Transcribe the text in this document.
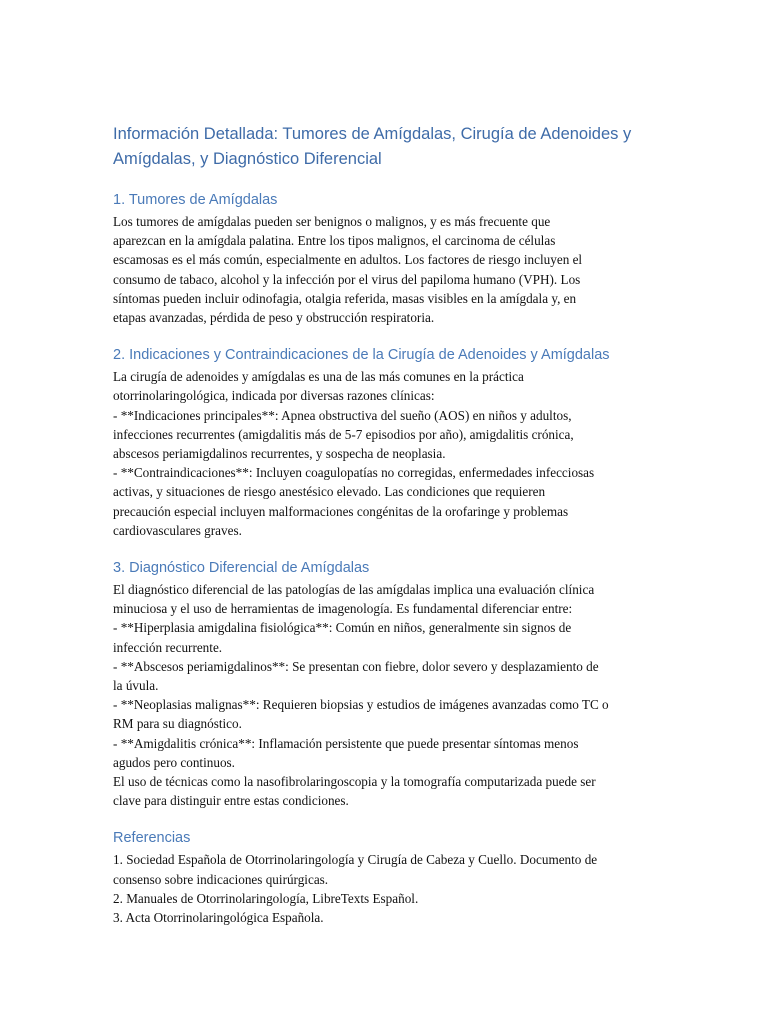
Información Detallada: Tumores de Amígdalas, Cirugía de Adenoides y
Amígdalas, y Diagnóstico Diferencial
1. Tumores de Amígdalas

Los tumores de amígdalas pueden ser benignos o malignos, y es más frecuente que
aparezcan en la amígdala palatina. Entre los tipos malignos, el carcinoma de células
escamosas es el más común, especialmente en adultos. Los factores de riesgo incluyen el
consumo de tabaco, alcohol y la infección por el virus del papiloma humano (VPH). Los
síntomas pueden incluir odinofagia, otalgia referida, masas visibles en la amígdala y, en
etapas avanzadas, pérdida de peso y obstrucción respiratoria.

2. Indicaciones y Contraindicaciones de la Cirugía de Adenoides y Amígdalas

La cirugía de adenoides y amígdalas es una de las más comunes en la práctica
otorrinolaringológica, indicada por diversas razones clínicas:
- **Indicaciones principales**: Apnea obstructiva del sueño (AOS) en niños y adultos,
infecciones recurrentes (amigdalitis más de 5-7 episodios por año), amigdalitis crónica,
abscesos periamigdalinos recurrentes, y sospecha de neoplasia.
- **Contraindicaciones**: Incluyen coagulopatías no corregidas, enfermedades infecciosas
activas, y situaciones de riesgo anestésico elevado. Las condiciones que requieren
precaución especial incluyen malformaciones congénitas de la orofaringe y problemas
cardiovasculares graves.

3. Diagnóstico Diferencial de Amígdalas

El diagnóstico diferencial de las patologías de las amígdalas implica una evaluación clínica
minuciosa y el uso de herramientas de imagenología. Es fundamental diferenciar entre:
- **Hiperplasia amigdalina fisiológica**: Común en niños, generalmente sin signos de
infección recurrente.
- **Abscesos periamigdalinos**: Se presentan con fiebre, dolor severo y desplazamiento de
la úvula.
- **Neoplasias malignas**: Requieren biopsias y estudios de imágenes avanzadas como TC o
RM para su diagnóstico.
- **Amigdalitis crónica**: Inflamación persistente que puede presentar síntomas menos
agudos pero continuos.
El uso de técnicas como la nasofibrolaringoscopia y la tomografía computarizada puede ser
clave para distinguir entre estas condiciones.

Referencias

1. Sociedad Española de Otorrinolaringología y Cirugía de Cabeza y Cuello. Documento de
consenso sobre indicaciones quirúrgicas.
2. Manuales de Otorrinolaringología, LibreTexts Español.
3. Acta Otorrinolaringológica Española.
